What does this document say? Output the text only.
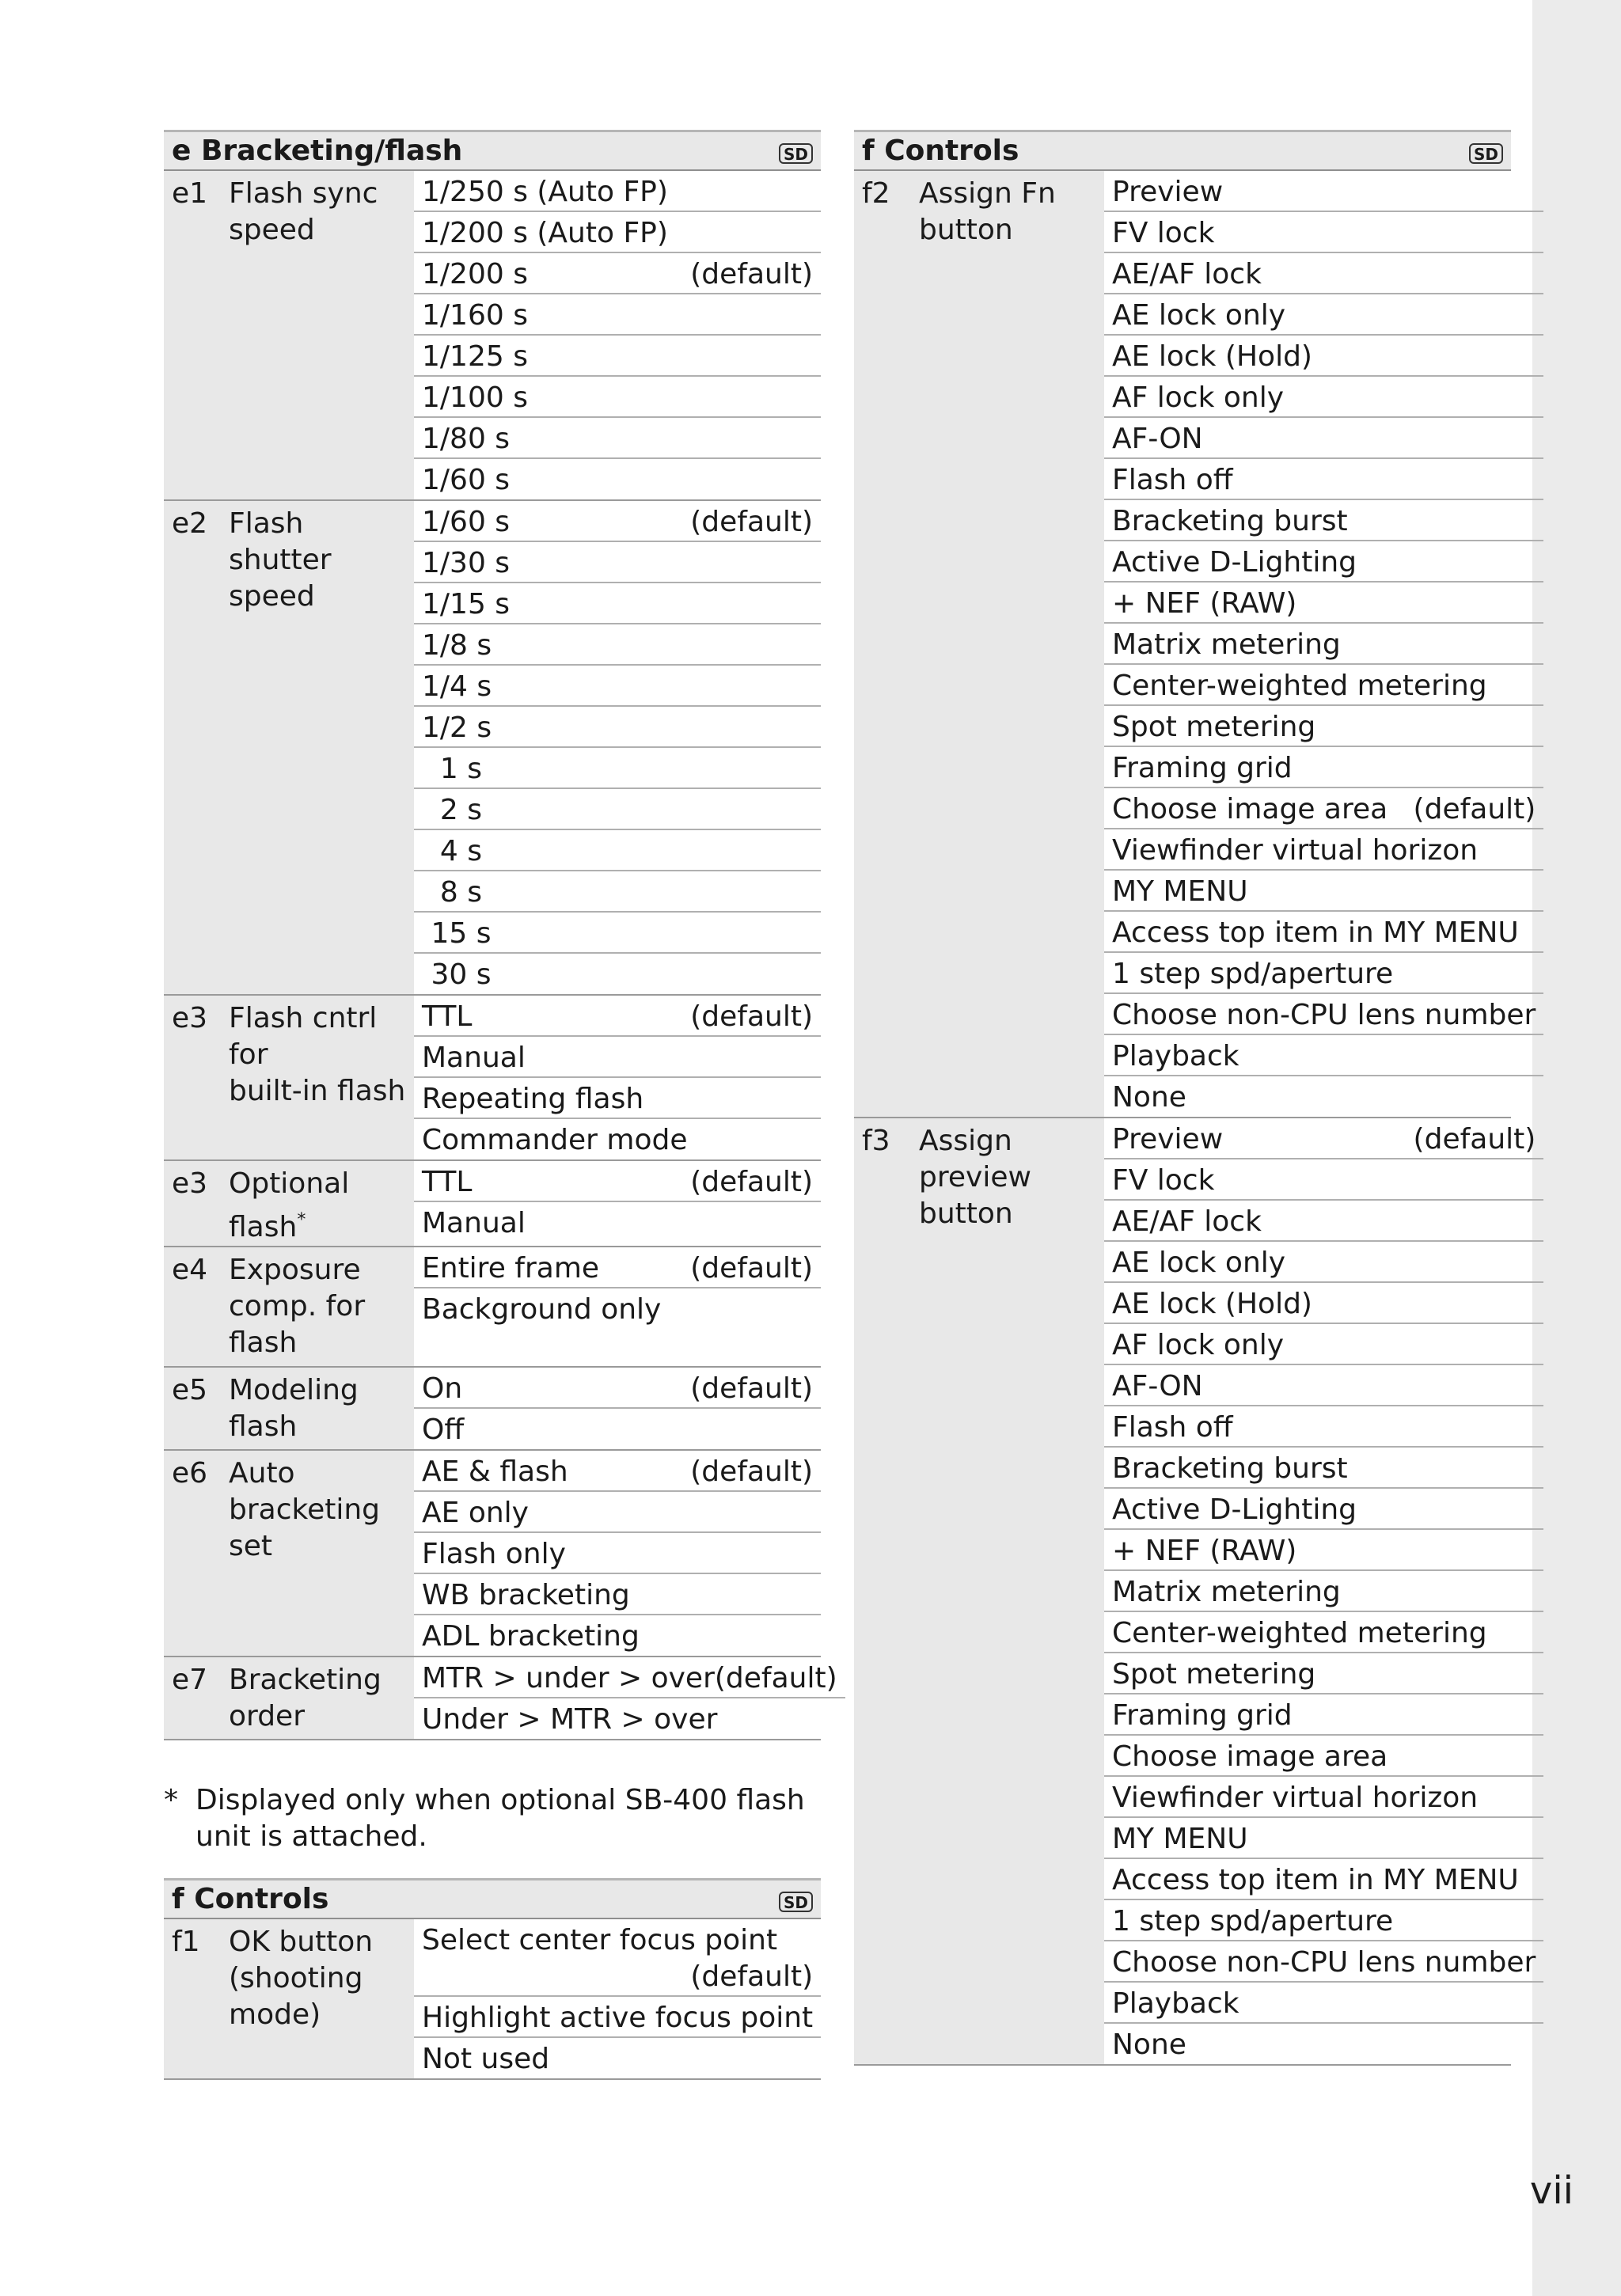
e Bracketing/flash	SD
e1 Flash sync
speed
1/250 s (Auto FP)
1/200 s (Auto FP)
1/200 s	(default)
1/160 s
1/125 s
1/100 s
1/80 s
1/60 s
e2 Flash shutter
speed
1/60 s	(default)
1/30 s
1/15 s
1/8 s
1/4 s
1/2 s
1 s
2 s
4 s
8 s
15 s
30 s
e3 Flash cntrl for
built-in flash
TTL	(default)
Manual
Repeating flash
Commander mode
e3 Optional
flash*
TTL	(default)
Manual
e4 Exposure
comp. for
flash
Entire frame	(default)
Background only
e5 Modeling
flash
On	(default)
Off
e6 Auto
bracketing
set
AE & flash	(default)
AE only
Flash only
WB bracketing
ADL bracketing
e7 Bracketing
order
MTR > under > over (default)
Under > MTR > over
* Displayed only when optional SB-400 flash unit is attached.
f Controls	SD
f1	OK button
(shooting
mode)
Select center focus point
(default)
Highlight active focus point
Not used
f Controls	SD
f2	Assign Fn
button
Preview
FV lock
AE/AF lock
AE lock only
AE lock (Hold)
AF lock only
AF-ON
Flash off
Bracketing burst
Active D-Lighting
+ NEF (RAW)
Matrix metering
Center-weighted metering
Spot metering
Framing grid
Choose image area (default)
Viewfinder virtual horizon
MY MENU
Access top item in MY MENU
1 step spd/aperture
Choose non-CPU lens number
Playback
None
f3	Assign
preview
button
Preview	(default)
FV lock
AE/AF lock
AE lock only
AE lock (Hold)
AF lock only
AF-ON
Flash off
Bracketing burst
Active D-Lighting
+ NEF (RAW)
Matrix metering
Center-weighted metering
Spot metering
Framing grid
Choose image area
Viewfinder virtual horizon
MY MENU
Access top item in MY MENU
1 step spd/aperture
Choose non-CPU lens number
Playback
None
vii
